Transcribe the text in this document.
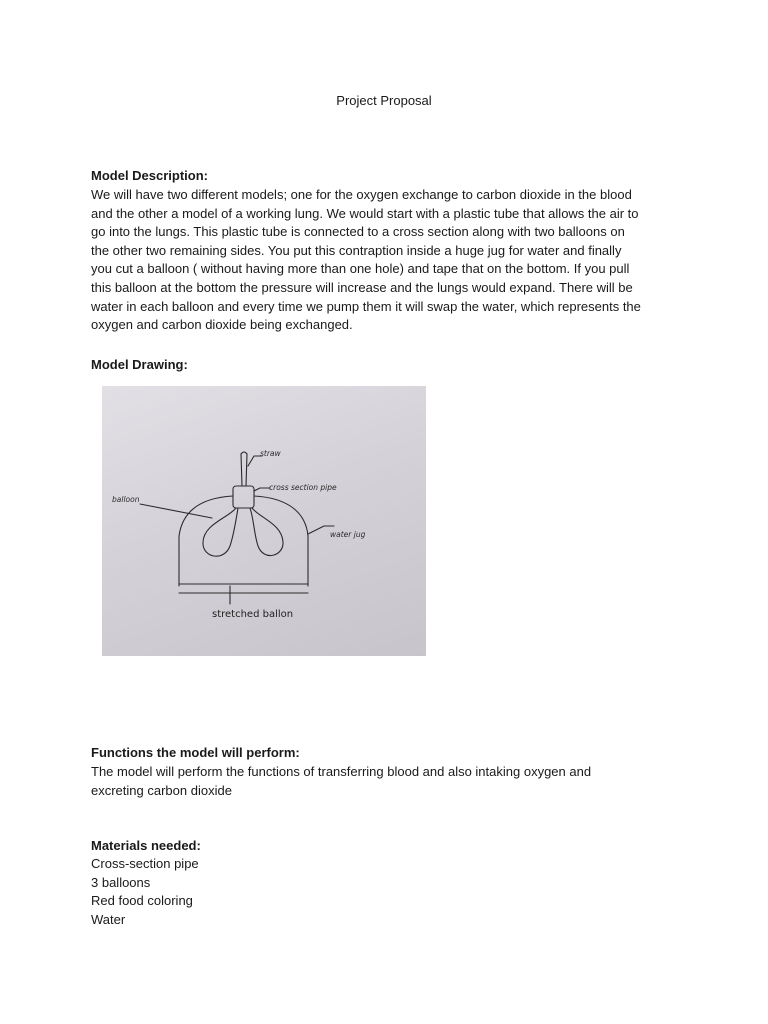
Project Proposal
Model Description:
We will have two different models; one for the oxygen exchange to carbon dioxide in the blood
and the other a model of a working lung. We would start with a plastic tube that allows the air to
go into the lungs. This plastic tube is connected to a cross section along with two balloons on
the other two remaining sides. You put this contraption inside a huge jug for water and finally
you cut a balloon ( without having more than one hole) and tape that on the bottom. If you pull
this balloon at the bottom the pressure will increase and the lungs would expand. There will be
water in each balloon and every time we pump them it will swap the water, which represents the
oxygen and carbon dioxide being exchanged.
Model Drawing:
straw
cross section pipe
balloon
water jug
stretched ballon
Functions the model will perform:
The model will perform the functions of transferring blood and also intaking oxygen and
excreting carbon dioxide
Materials needed:
Cross-section pipe
3 balloons
Red food coloring
Water
